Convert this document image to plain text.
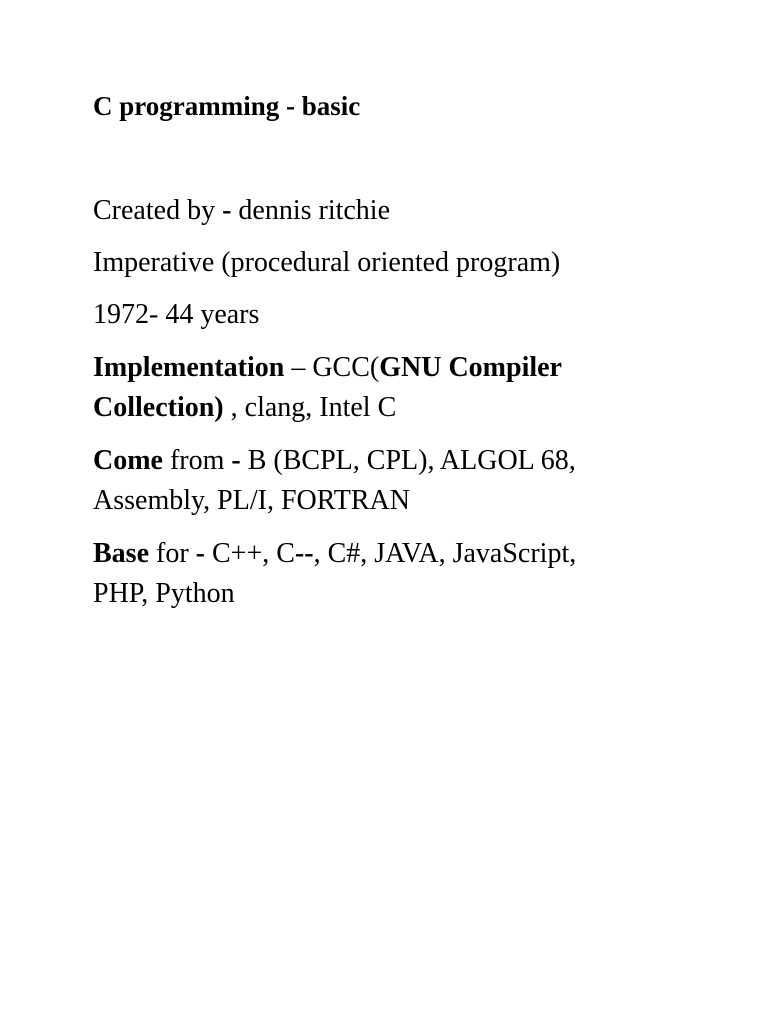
C programming - basic
Created by - dennis ritchie
Imperative (procedural oriented program)
1972- 44 years
Implementation – GCC(GNU Compiler
Collection) , clang, Intel C
Come from - B (BCPL, CPL), ALGOL 68,
Assembly, PL/I, FORTRAN
Base for - C++, C--, C#, JAVA, JavaScript,
PHP, Python
